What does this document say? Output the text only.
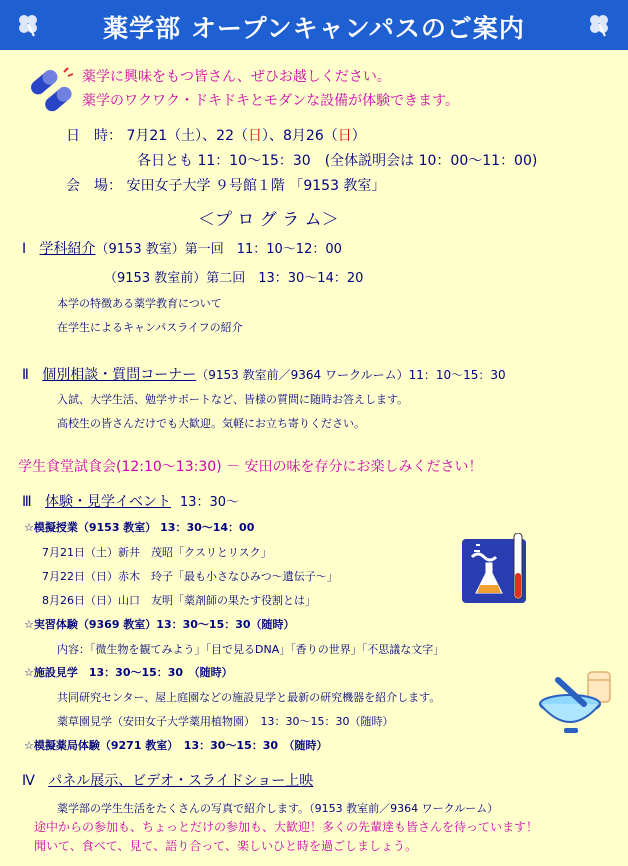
薬学部 オープンキャンパスのご案内
薬学に興味をもつ皆さん、ぜひお越しください。
薬学のワクワク・ドキドキとモダンな設備が体験できます。
日　時： 7月21（土）、22（日）、8月26（日）
各日とも 11：10～15：30　(全体説明会は 10：00～11：00)
会　場： 安田女子大学 ９号館１階 「9153 教室」
＜プ ロ グ ラ ム＞
Ⅰ 学科紹介（9153 教室）第一回　11：10～12：00
（9153 教室前）第二回　13：30～14：20
本学の特徴ある薬学教育について
在学生によるキャンパスライフの紹介
Ⅱ 個別相談・質問コーナー（9153 教室前／9364 ワークルーム）11：10～15：30
入試、大学生活、勉学サポートなど、皆様の質問に随時お答えします。
高校生の皆さんだけでも大歓迎。気軽にお立ち寄りください。
学生食堂試食会(12:10～13:30) － 安田の味を存分にお楽しみください！
Ⅲ 体験・見学イベント 13：30～
☆模擬授業（9153 教室） 13：30～14：00
7月21日（土）新井　茂昭「クスリとリスク」
7月22日（日）赤木　玲子「最も小さなひみつ～遺伝子～」
8月26日（日）山口　友明「薬剤師の果たす役割とは」
☆実習体験（9369 教室）13：30～15：30（随時）
内容：「微生物を観てみよう」「目で見るDNA」「香りの世界」「不思議な文字」
☆施設見学　13：30～15：30　（随時）
共同研究センター、屋上庭園などの施設見学と最新の研究機器を紹介します。
薬草園見学（安田女子大学薬用植物園）　13：30～15：30（随時）
☆模擬薬局体験（9271 教室）　13：30～15：30　（随時）
Ⅳ パネル展示、ビデオ・スライドショー上映
薬学部の学生生活をたくさんの写真で紹介します。（9153 教室前／9364 ワークルーム）
途中からの参加も、ちょっとだけの参加も、大歓迎！多くの先輩達も皆さんを待っています！
聞いて、食べて、見て、語り合って、楽しいひと時を過ごしましょう。
